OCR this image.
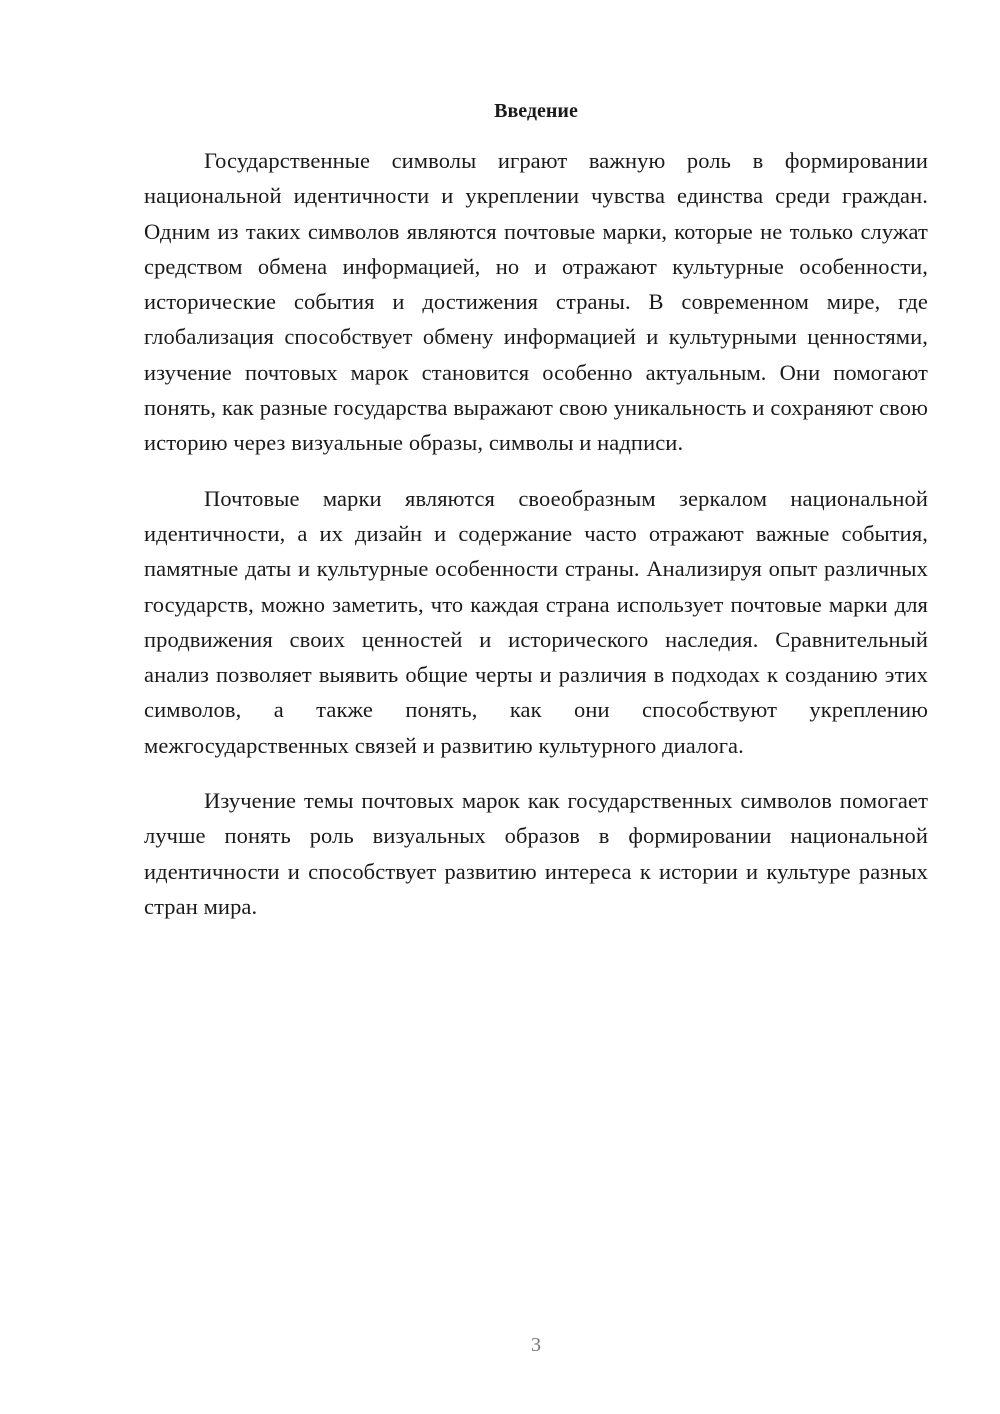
Введение

Государственные символы играют важную роль в формировании национальной идентичности и укреплении чувства единства среди граждан. Одним из таких символов являются почтовые марки, которые не только служат средством обмена информацией, но и отражают культурные особенности, исторические события и достижения страны. В современном мире, где глобализация способствует обмену информацией и культурными ценностями, изучение почтовых марок становится особенно актуальным. Они помогают понять, как разные государства выражают свою уникальность и сохраняют свою историю через визуальные образы, символы и надписи.

Почтовые марки являются своеобразным зеркалом национальной идентичности, а их дизайн и содержание часто отражают важные события, памятные даты и культурные особенности страны. Анализируя опыт различных государств, можно заметить, что каждая страна использует почтовые марки для продвижения своих ценностей и исторического наследия. Сравнительный анализ позволяет выявить общие черты и различия в подходах к созданию этих символов, а также понять, как они способствуют укреплению межгосударственных связей и развитию культурного диалога.

Изучение темы почтовых марок как государственных символов помогает лучше понять роль визуальных образов в формировании национальной идентичности и способствует развитию интереса к истории и культуре разных стран мира.

3
